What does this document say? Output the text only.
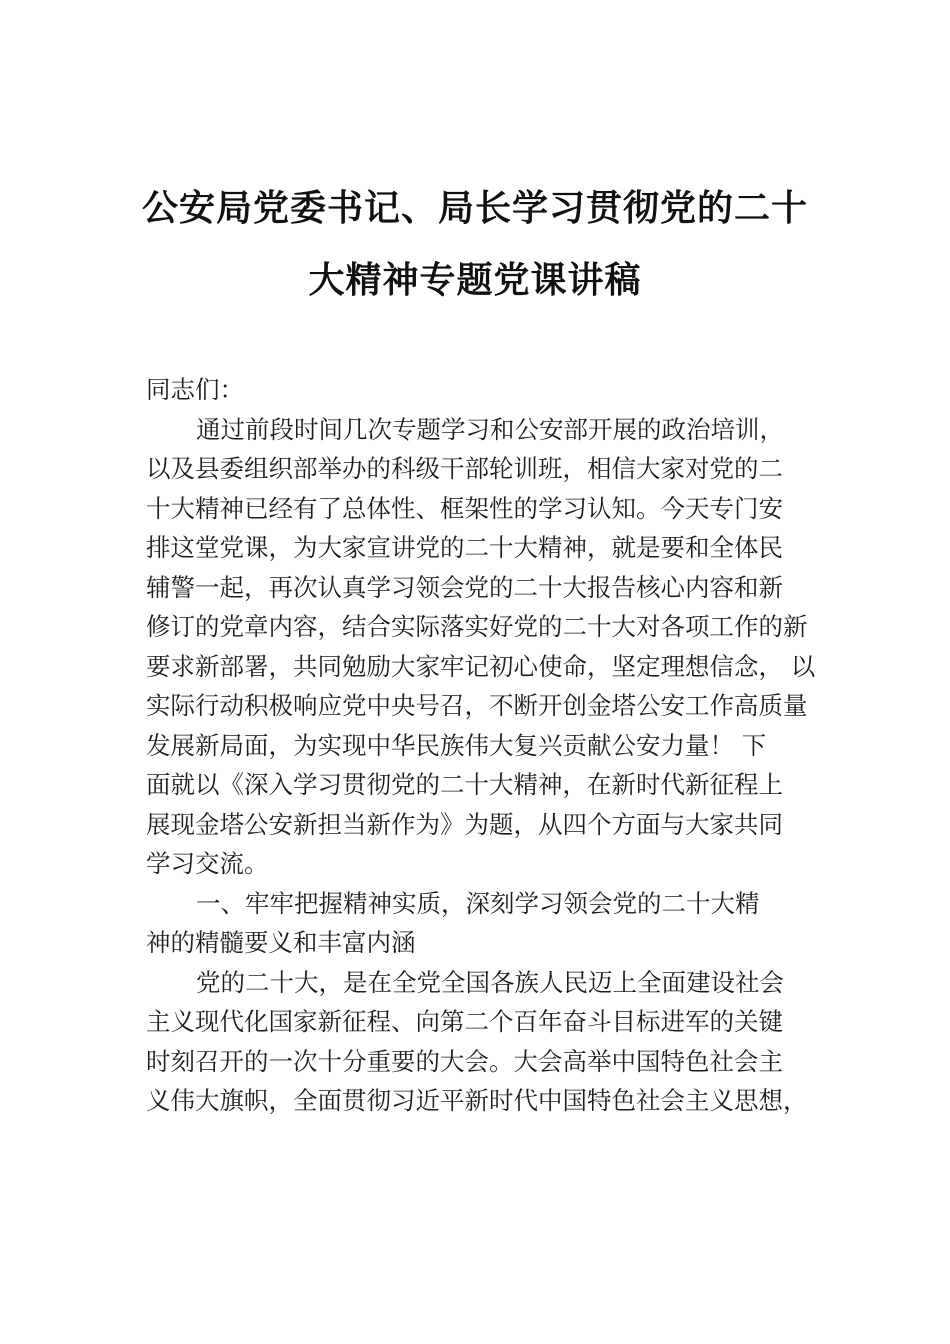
公安局党委书记、局长学习贯彻党的二十
大精神专题党课讲稿
同志们：
通过前段时间几次专题学习和公安部开展的政治培训，
以及县委组织部举办的科级干部轮训班，相信大家对党的二
十大精神已经有了总体性、框架性的学习认知。今天专门安
排这堂党课，为大家宣讲党的二十大精神，就是要和全体民
辅警一起，再次认真学习领会党的二十大报告核心内容和新
修订的党章内容，结合实际落实好党的二十大对各项工作的新
要求新部署，共同勉励大家牢记初心使命，坚定理想信念， 以
实际行动积极响应党中央号召，不断开创金塔公安工作高质量
发展新局面，为实现中华民族伟大复兴贡献公安力量！ 下
面就以《深入学习贯彻党的二十大精神，在新时代新征程上
展现金塔公安新担当新作为》为题，从四个方面与大家共同
学习交流。
一、牢牢把握精神实质，深刻学习领会党的二十大精
神的精髓要义和丰富内涵
党的二十大，是在全党全国各族人民迈上全面建设社会
主义现代化国家新征程、向第二个百年奋斗目标进军的关键
时刻召开的一次十分重要的大会。大会高举中国特色社会主
义伟大旗帜，全面贯彻习近平新时代中国特色社会主义思想，
